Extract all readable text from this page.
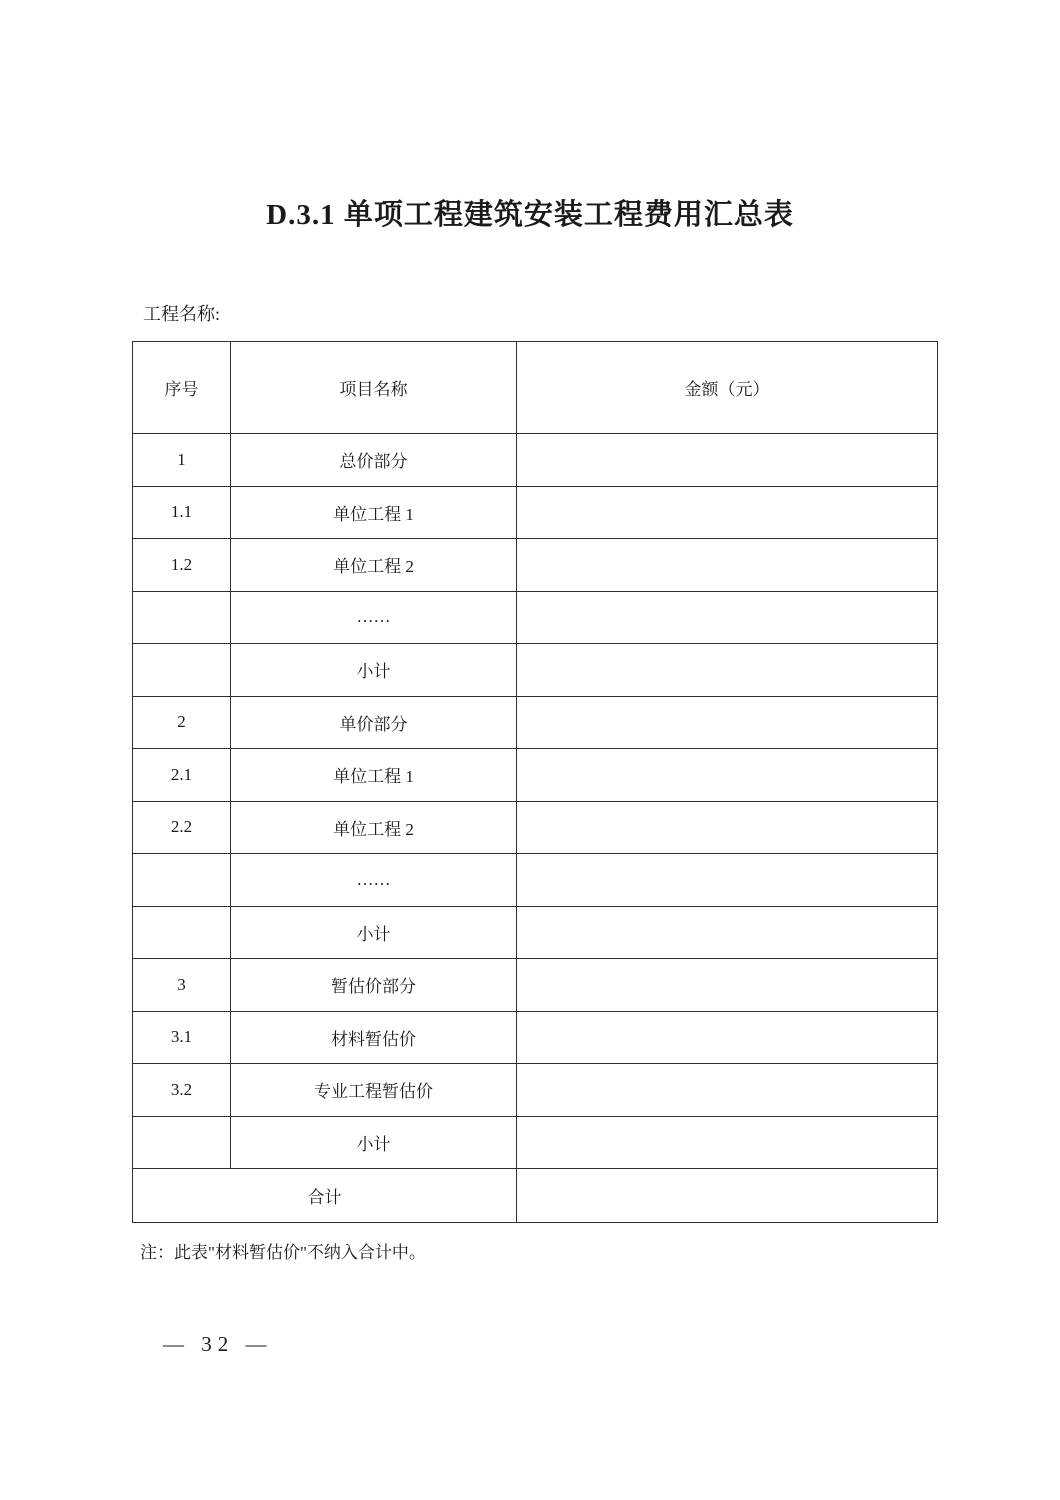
D.3.1 单项工程建筑安装工程费用汇总表
工程名称:
序号	项目名称	金额（元）
1	总价部分	
1.1	单位工程 1	
1.2	单位工程 2	
	……	
	小计	
2	单价部分	
2.1	单位工程 1	
2.2	单位工程 2	
	……	
	小计	
3	暂估价部分	
3.1	材料暂估价	
3.2	专业工程暂估价	
	小计	
合计		
注：此表"材料暂估价"不纳入合计中。
— 32 —
